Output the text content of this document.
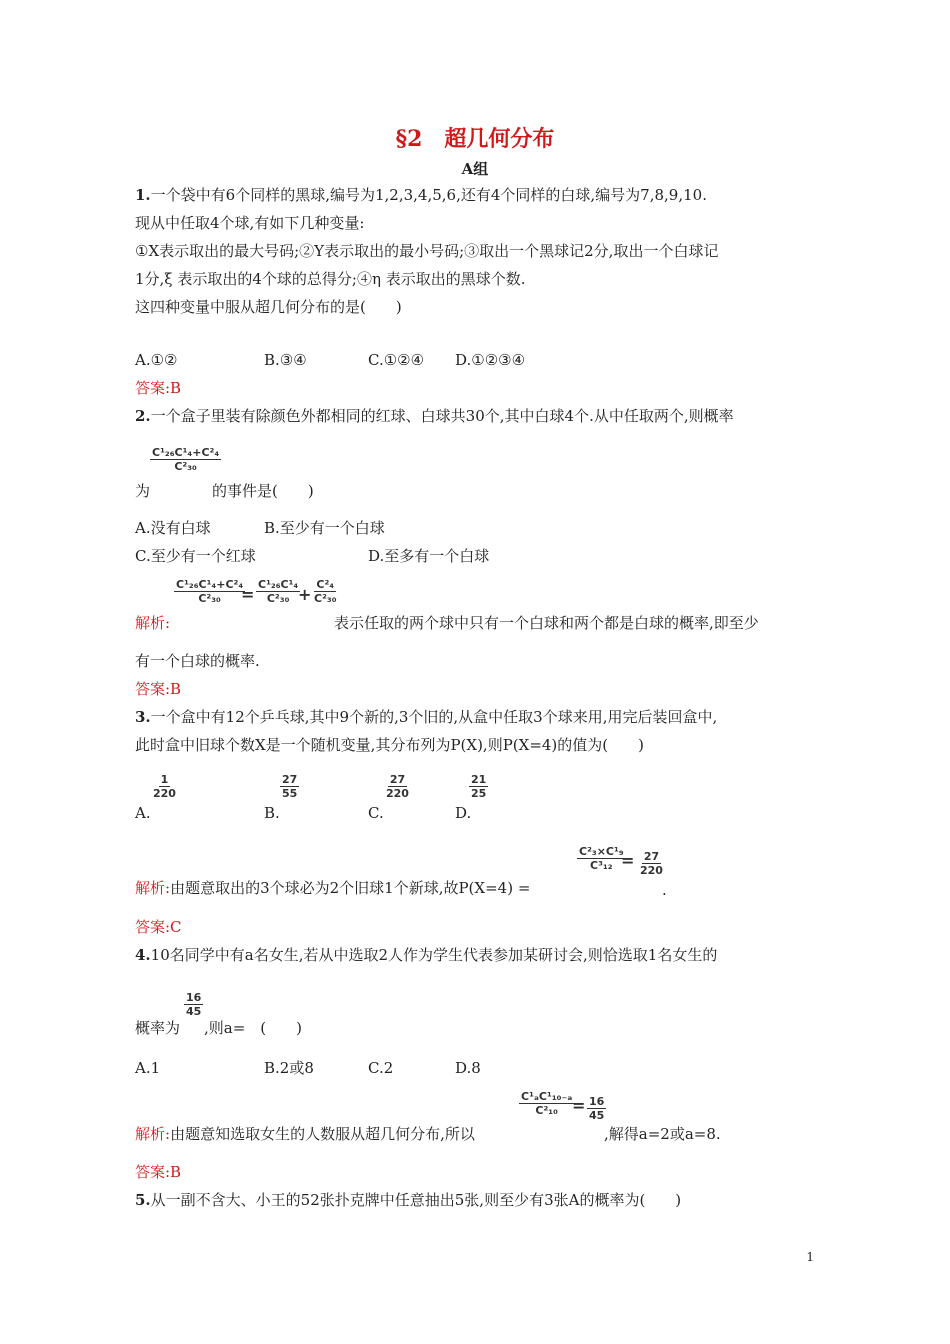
§2　超几何分布
A组
1.一个袋中有6个同样的黑球,编号为1,2,3,4,5,6,还有4个同样的白球,编号为7,8,9,10.
现从中任取4个球,有如下几种变量:
①X表示取出的最大号码;②Y表示取出的最小号码;③取出一个黑球记2分,取出一个白球记
1分,ξ 表示取出的4个球的总得分;④η 表示取出的黑球个数.
这四种变量中服从超几何分布的是(　　)
A.①②	B.③④	C.①②④ D.①②③④
答案:B
2.一个盒子里装有除颜色外都相同的红球、白球共30个,其中白球4个.从中任取两个,则概率
$\frac{\text{C¹₂₆C¹₄+C²₄}}{\text{C²₃₀}}$
为	的事件是(　　)
A.没有白球	B.至少有一个白球
C.至少有一个红球	D.至多有一个白球
$\frac{\text{C¹₂₆C¹₄+C²₄}}{\text{C²₃₀}}$
= $\frac{\text{C¹₂₆C¹₄}}{\text{C²₃₀}}$
+ $\frac{\text{C²₄}}{\text{C²₃₀}}$
解析:	表示任取的两个球中只有一个白球和两个都是白球的概率,即至少
有一个白球的概率.
答案:B
3.一个盒中有12个乒乓球,其中9个新的,3个旧的,从盒中任取3个球来用,用完后装回盒中,
此时盒中旧球个数X是一个随机变量,其分布列为P(X),则P(X=4)的值为(　　)
$\frac{1}{220}$	$\frac{27}{55}$	$\frac{27}{220}$	$\frac{21}{25}$
A.	B.	C.	D.
$\frac{\text{C²₃×C¹₉}}{\text{C³₁₂}}$
= $\frac{27}{220}$
解析:由题意取出的3个球必为2个旧球1个新球,故P(X=4) =	.
答案:C
4.10名同学中有a名女生,若从中选取2人作为学生代表参加某研讨会,则恰选取1名女生的
$\frac{16}{45}$
概率为 ,则a=　(　　)
A.1	B.2或8	C.2	D.8
$\frac{\text{C¹ₐC¹₁₀₋ₐ}}{\text{C²₁₀}}$
= $\frac{16}{45}$
解析:由题意知选取女生的人数服从超几何分布,所以	,解得a=2或a=8.
答案:B
5.从一副不含大、小王的52张扑克牌中任意抽出5张,则至少有3张A的概率为(　　)
1
